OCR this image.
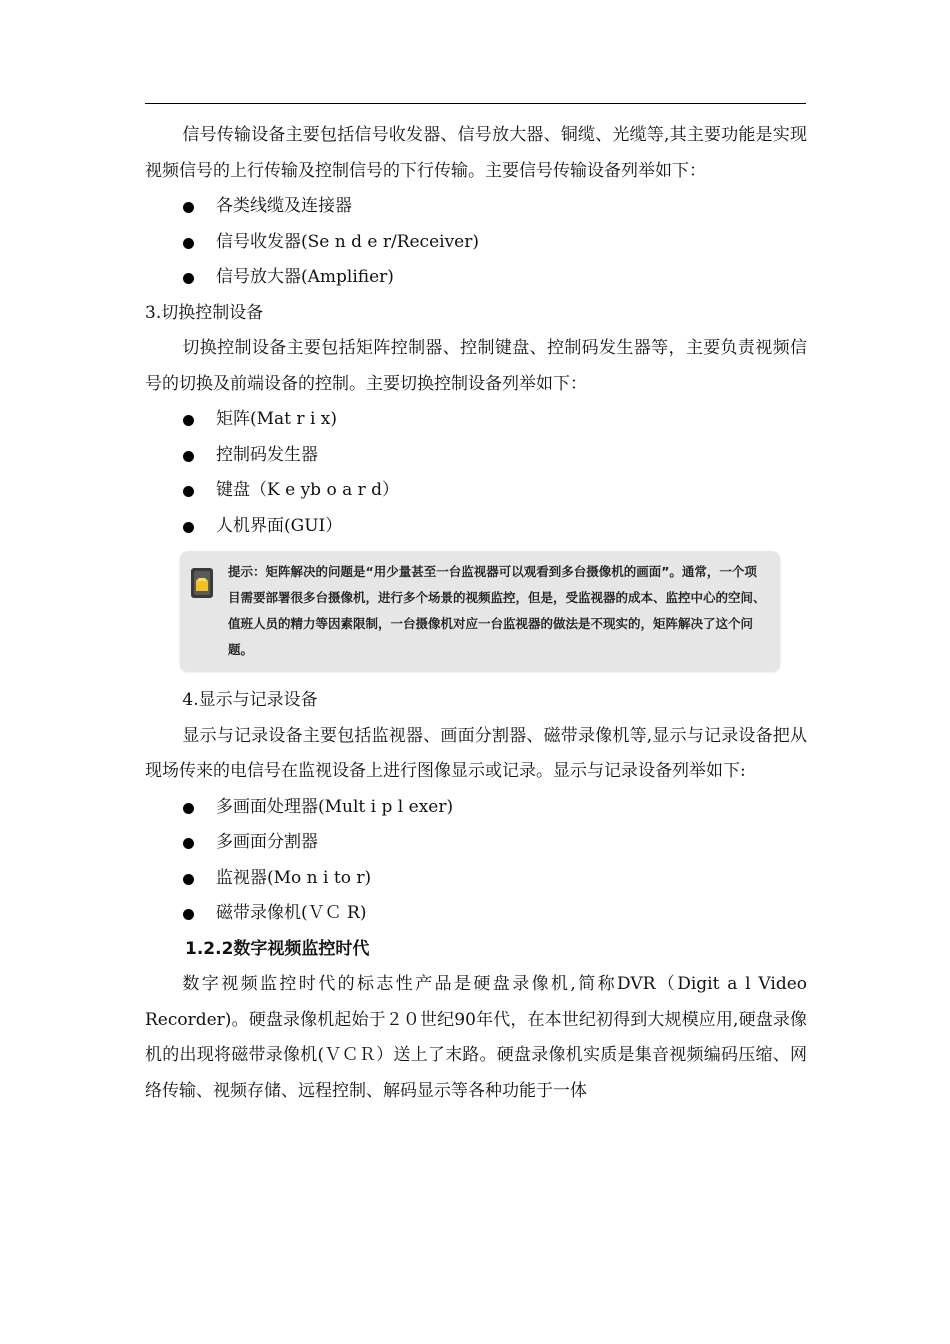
信号传输设备主要包括信号收发器、信号放大器、铜缆、光缆等,其主要功能是实现视频信号的上行传输及控制信号的下行传输。主要信号传输设备列举如下：

各类线缆及连接器
信号收发器(Se n d e r/Receiver)
信号放大器(Amplifier)

3.切换控制设备

切换控制设备主要包括矩阵控制器、控制键盘、控制码发生器等，主要负责视频信号的切换及前端设备的控制。主要切换控制设备列举如下：

矩阵(Mat r i x)
控制码发生器
键盘（K e yb o a r d）
人机界面(GUI）
提示：矩阵解决的问题是“用少量甚至一台监视器可以观看到多台摄像机的画面”。通常，一个项目需要部署很多台摄像机，进行多个场景的视频监控，但是，受监视器的成本、监控中心的空间、值班人员的精力等因素限制，一台摄像机对应一台监视器的做法是不现实的，矩阵解决了这个问题。

4.显示与记录设备

显示与记录设备主要包括监视器、画面分割器、磁带录像机等,显示与记录设备把从现场传来的电信号在监视设备上进行图像显示或记录。显示与记录设备列举如下:

多画面处理器(Mult i p l exer)
多画面分割器
监视器(Mo n i to r)
磁带录像机(ＶＣ R)

1.2.2数字视频监控时代

数字视频监控时代的标志性产品是硬盘录像机,简称DVR（Digit a l Video Recorder)。硬盘录像机起始于２０世纪90年代，在本世纪初得到大规模应用,硬盘录像机的出现将磁带录像机(ＶＣＲ）送上了末路。硬盘录像机实质是集音视频编码压缩、网络传输、视频存储、远程控制、解码显示等各种功能于一体
